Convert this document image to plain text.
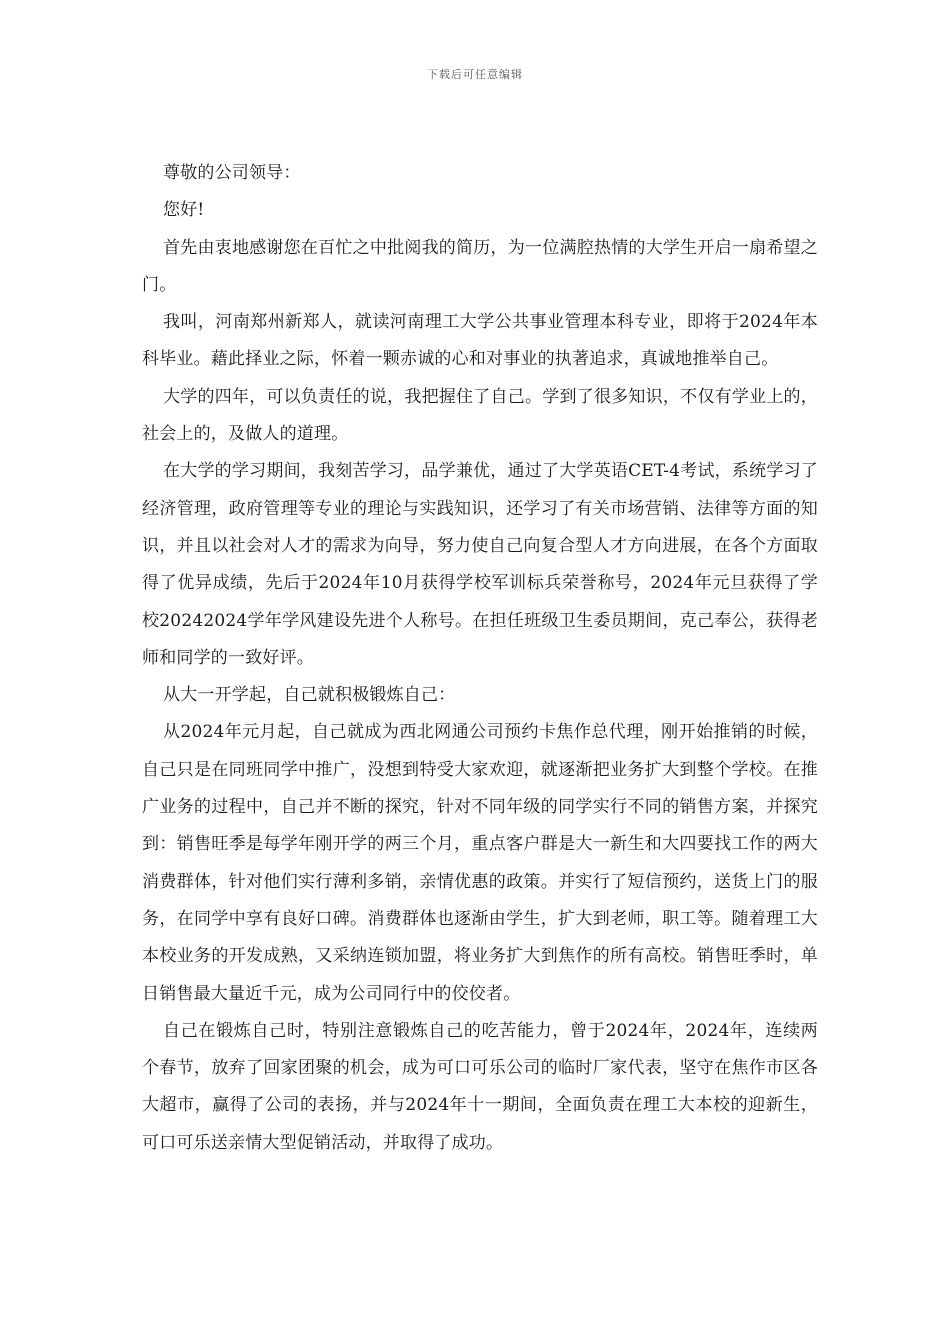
下载后可任意编辑

尊敬的公司领导：

您好!

首先由衷地感谢您在百忙之中批阅我的简历，为一位满腔热情的大学生开启一扇希望之门。

我叫，河南郑州新郑人，就读河南理工大学公共事业管理本科专业，即将于2024年本科毕业。藉此择业之际，怀着一颗赤诚的心和对事业的执著追求，真诚地推举自己。

大学的四年，可以负责任的说，我把握住了自己。学到了很多知识，不仅有学业上的，社会上的，及做人的道理。

在大学的学习期间，我刻苦学习，品学兼优，通过了大学英语CET-4考试，系统学习了经济管理，政府管理等专业的理论与实践知识，还学习了有关市场营销、法律等方面的知识，并且以社会对人才的需求为向导，努力使自己向复合型人才方向进展，在各个方面取得了优异成绩，先后于2024年10月获得学校军训标兵荣誉称号，2024年元旦获得了学校20242024学年学风建设先进个人称号。在担任班级卫生委员期间，克己奉公，获得老师和同学的一致好评。

从大一开学起，自己就积极锻炼自己：

从2024年元月起，自己就成为西北网通公司预约卡焦作总代理，刚开始推销的时候，自己只是在同班同学中推广，没想到特受大家欢迎，就逐渐把业务扩大到整个学校。在推广业务的过程中，自己并不断的探究，针对不同年级的同学实行不同的销售方案，并探究到：销售旺季是每学年刚开学的两三个月，重点客户群是大一新生和大四要找工作的两大消费群体，针对他们实行薄利多销，亲情优惠的政策。并实行了短信预约，送货上门的服务，在同学中享有良好口碑。消费群体也逐渐由学生，扩大到老师，职工等。随着理工大本校业务的开发成熟，又采纳连锁加盟，将业务扩大到焦作的所有高校。销售旺季时，单日销售最大量近千元，成为公司同行中的佼佼者。

自己在锻炼自己时，特别注意锻炼自己的吃苦能力，曾于2024年，2024年，连续两个春节，放弃了回家团聚的机会，成为可口可乐公司的临时厂家代表，坚守在焦作市区各大超市，赢得了公司的表扬，并与2024年十一期间，全面负责在理工大本校的迎新生，可口可乐送亲情大型促销活动，并取得了成功。
